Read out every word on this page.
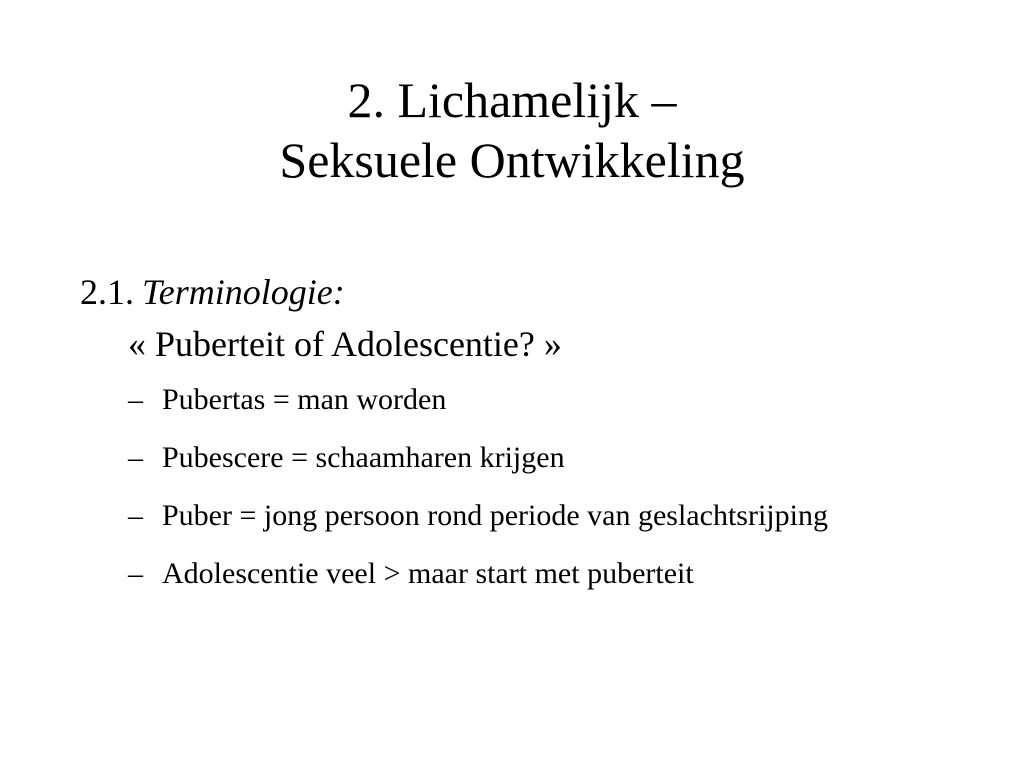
2. Lichamelijk –
Seksuele Ontwikkeling

2.1. Terminologie:

« Puberteit of Adolescentie? »

– Pubertas = man worden
– Pubescere = schaamharen krijgen
– Puber = jong persoon rond periode van geslachtsrijping
– Adolescentie veel > maar start met puberteit
